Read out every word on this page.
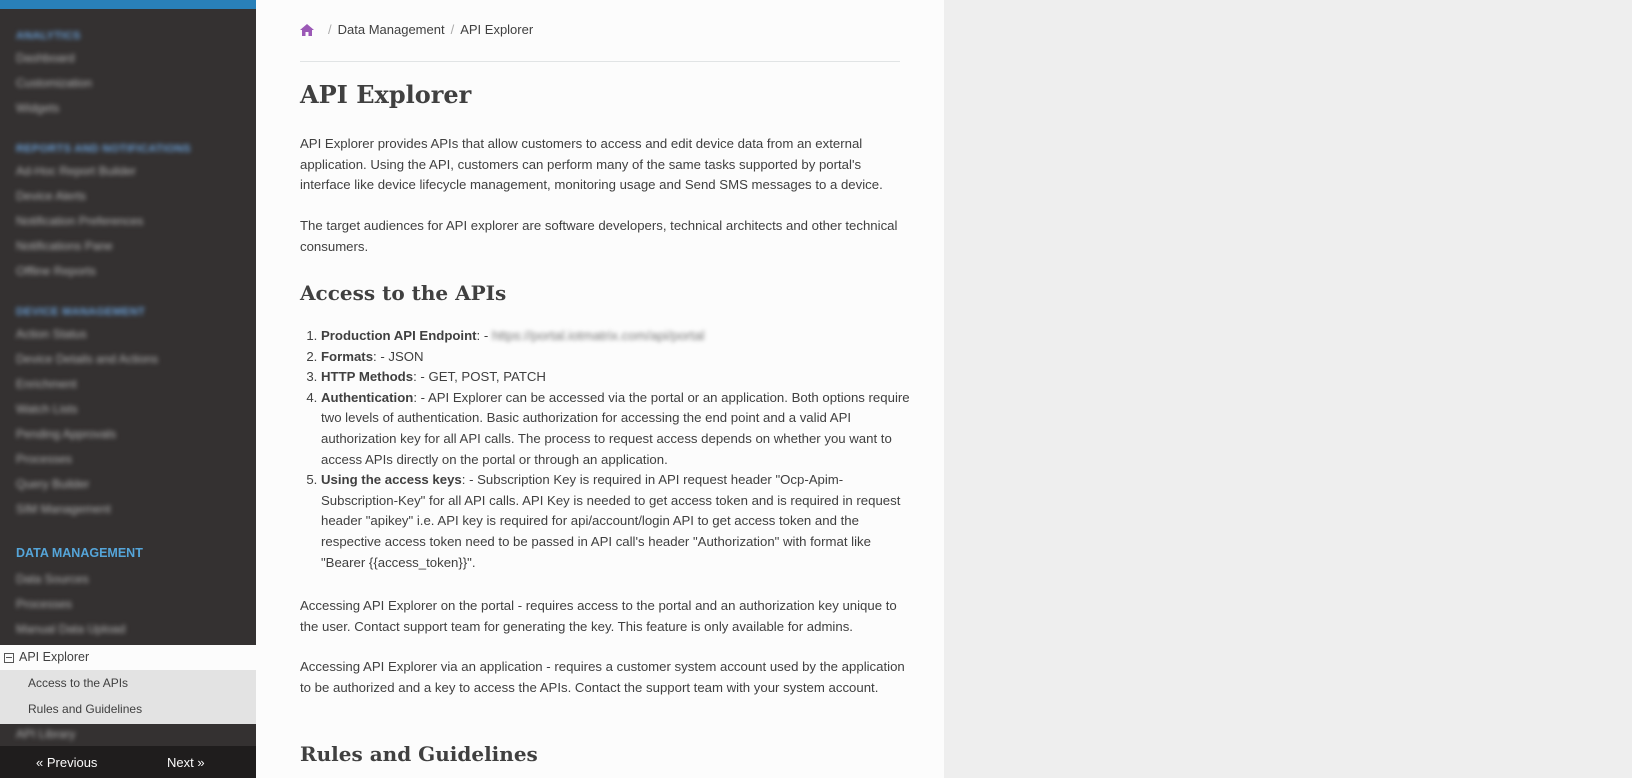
ANALYTICS
Dashboard
Customization
Widgets
REPORTS AND NOTIFICATIONS
Ad-Hoc Report Builder
Device Alerts
Notification Preferences
Notifications Pane
Offline Reports
DEVICE MANAGEMENT
Action Status
Device Details and Actions
Enrichment
Watch Lists
Pending Approvals
Processes
Query Builder
SIM Management
DATA MANAGEMENT
Data Sources
Processes
Manual Data Upload
API Explorer
Access to the APIs
Rules and Guidelines
API Library
« Previous	Next »
/ Data Management / API Explorer
API Explorer

API Explorer provides APIs that allow customers to access and edit device data from an external application. Using the API, customers can perform many of the same tasks supported by portal's interface like device lifecycle management, monitoring usage and Send SMS messages to a device.

The target audiences for API explorer are software developers, technical architects and other technical consumers.

Access to the APIs
1. Production API Endpoint: - https://portal.iotmatrix.com/api/portal
2. Formats: - JSON
3. HTTP Methods: - GET, POST, PATCH
4. Authentication: - API Explorer can be accessed via the portal or an application. Both options require two levels of authentication. Basic authorization for accessing the end point and a valid API authorization key for all API calls. The process to request access depends on whether you want to access APIs directly on the portal or through an application.
5. Using the access keys: - Subscription Key is required in API request header "Ocp-Apim-Subscription-Key" for all API calls. API Key is needed to get access token and is required in request header "apikey" i.e. API key is required for api/account/login API to get access token and the respective access token need to be passed in API call's header "Authorization" with format like "Bearer {{access_token}}".

Accessing API Explorer on the portal - requires access to the portal and an authorization key unique to the user. Contact support team for generating the key. This feature is only available for admins.

Accessing API Explorer via an application - requires a customer system account used by the application to be authorized and a key to access the APIs. Contact the support team with your system account.

Rules and Guidelines
